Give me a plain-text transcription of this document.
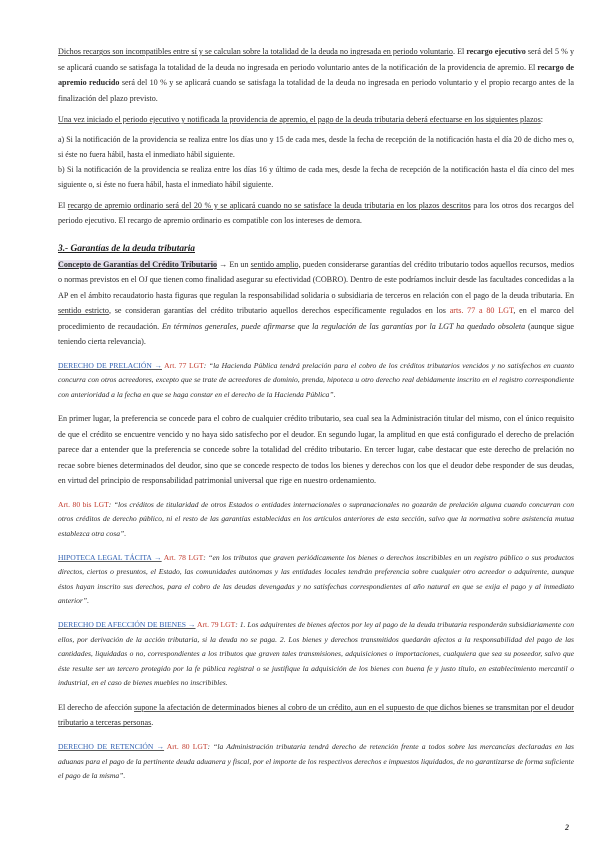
Dichos recargos son incompatibles entre sí y se calculan sobre la totalidad de la deuda no ingresada en periodo voluntario. El recargo ejecutivo será del 5 % y se aplicará cuando se satisfaga la totalidad de la deuda no ingresada en periodo voluntario antes de la notificación de la providencia de apremio. El recargo de apremio reducido será del 10 % y se aplicará cuando se satisfaga la totalidad de la deuda no ingresada en periodo voluntario y el propio recargo antes de la finalización del plazo previsto.

Una vez iniciado el periodo ejecutivo y notificada la providencia de apremio, el pago de la deuda tributaria deberá efectuarse en los siguientes plazos:

a) Si la notificación de la providencia se realiza entre los días uno y 15 de cada mes, desde la fecha de recepción de la notificación hasta el día 20 de dicho mes o, si éste no fuera hábil, hasta el inmediato hábil siguiente.

b) Si la notificación de la providencia se realiza entre los días 16 y último de cada mes, desde la fecha de recepción de la notificación hasta el día cinco del mes siguiente o, si éste no fuera hábil, hasta el inmediato hábil siguiente.

El recargo de apremio ordinario será del 20 % y se aplicará cuando no se satisface la deuda tributaria en los plazos descritos para los otros dos recargos del periodo ejecutivo. El recargo de apremio ordinario es compatible con los intereses de demora.

3.- Garantías de la deuda tributaria

Concepto de Garantías del Crédito Tributario → En un sentido amplio, pueden considerarse garantías del crédito tributario todos aquellos recursos, medios o normas previstos en el OJ que tienen como finalidad asegurar su efectividad (COBRO). Dentro de este podríamos incluir desde las facultades concedidas a la AP en el ámbito recaudatorio hasta figuras que regulan la responsabilidad solidaria o subsidiaria de terceros en relación con el pago de la deuda tributaria. En sentido estricto, se consideran garantías del crédito tributario aquellos derechos específicamente regulados en los arts. 77 a 80 LGT, en el marco del procedimiento de recaudación. En términos generales, puede afirmarse que la regulación de las garantías por la LGT ha quedado obsoleta (aunque sigue teniendo cierta relevancia).

DERECHO DE PRELACIÓN → Art. 77 LGT: “la Hacienda Pública tendrá prelación para el cobro de los créditos tributarios vencidos y no satisfechos en cuanto concurra con otros acreedores, excepto que se trate de acreedores de dominio, prenda, hipoteca u otro derecho real debidamente inscrito en el registro correspondiente con anterioridad a la fecha en que se haga constar en el derecho de la Hacienda Pública”.

En primer lugar, la preferencia se concede para el cobro de cualquier crédito tributario, sea cual sea la Administración titular del mismo, con el único requisito de que el crédito se encuentre vencido y no haya sido satisfecho por el deudor. En segundo lugar, la amplitud en que está configurado el derecho de prelación parece dar a entender que la preferencia se concede sobre la totalidad del crédito tributario. En tercer lugar, cabe destacar que este derecho de prelación no recae sobre bienes determinados del deudor, sino que se concede respecto de todos los bienes y derechos con los que el deudor debe responder de sus deudas, en virtud del principio de responsabilidad patrimonial universal que rige en nuestro ordenamiento.

Art. 80 bis LGT: “los créditos de titularidad de otros Estados o entidades internacionales o supranacionales no gozarán de prelación alguna cuando concurran con otros créditos de derecho público, ni el resto de las garantías establecidas en los artículos anteriores de esta sección, salvo que la normativa sobre asistencia mutua establezca otra cosa”.

HIPOTECA LEGAL TÁCITA → Art. 78 LGT: “en los tributos que graven periódicamente los bienes o derechos inscribibles en un registro público o sus productos directos, ciertos o presuntos, el Estado, las comunidades autónomas y las entidades locales tendrán preferencia sobre cualquier otro acreedor o adquirente, aunque éstos hayan inscrito sus derechos, para el cobro de las deudas devengadas y no satisfechas correspondientes al año natural en que se exija el pago y al inmediato anterior”.

DERECHO DE AFECCIÓN DE BIENES → Art. 79 LGT: 1. Los adquirentes de bienes afectos por ley al pago de la deuda tributaria responderán subsidiariamente con ellos, por derivación de la acción tributaria, si la deuda no se paga. 2. Los bienes y derechos transmitidos quedarán afectos a la responsabilidad del pago de las cantidades, liquidadas o no, correspondientes a los tributos que graven tales transmisiones, adquisiciones o importaciones, cualquiera que sea su poseedor, salvo que éste resulte ser un tercero protegido por la fe pública registral o se justifique la adquisición de los bienes con buena fe y justo título, en establecimiento mercantil o industrial, en el caso de bienes muebles no inscribibles.

El derecho de afección supone la afectación de determinados bienes al cobro de un crédito, aun en el supuesto de que dichos bienes se transmitan por el deudor tributario a terceras personas.

DERECHO DE RETENCIÓN → Art. 80 LGT: “la Administración tributaria tendrá derecho de retención frente a todos sobre las mercancías declaradas en las aduanas para el pago de la pertinente deuda aduanera y fiscal, por el importe de los respectivos derechos e impuestos liquidados, de no garantizarse de forma suficiente el pago de la misma”.

2
